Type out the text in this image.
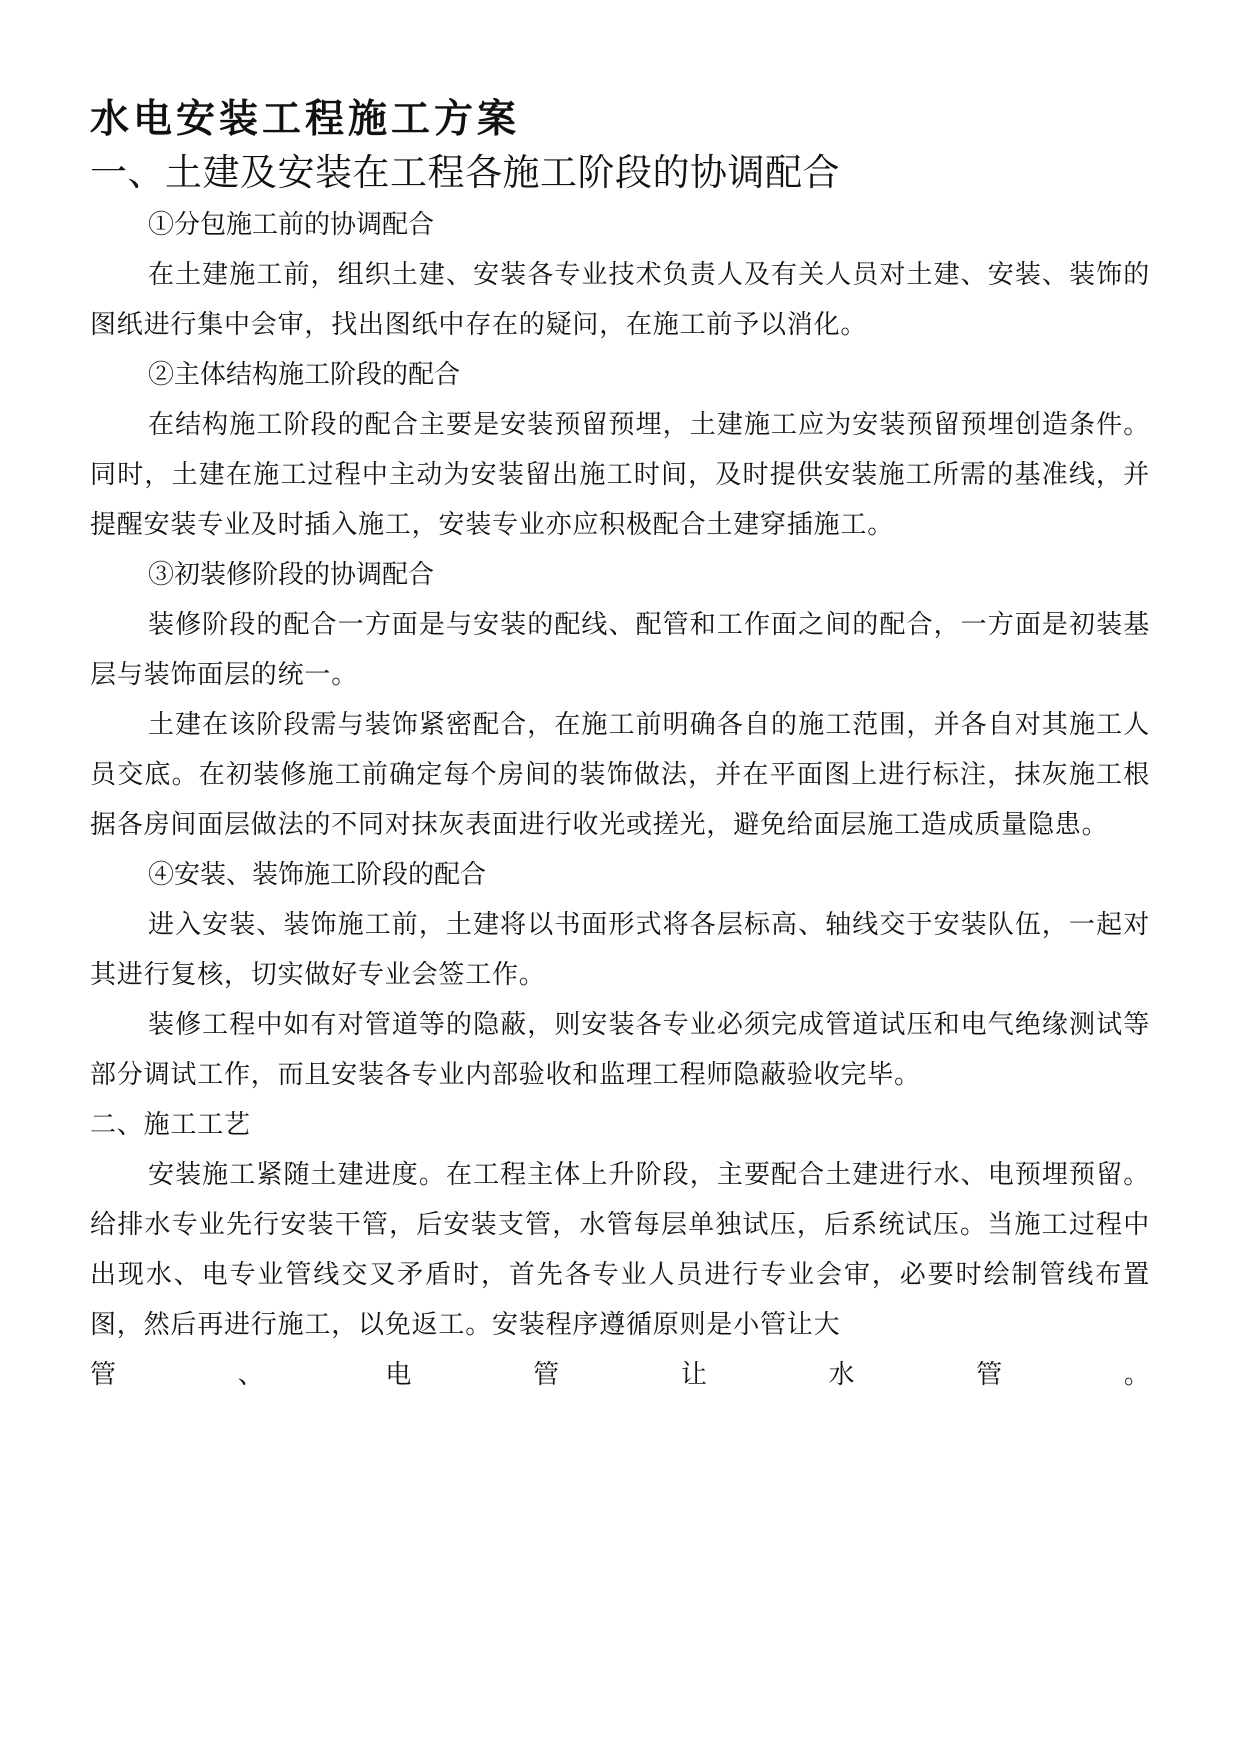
水电安装工程施工方案
一、土建及安装在工程各施工阶段的协调配合

①分包施工前的协调配合

在土建施工前，组织土建、安装各专业技术负责人及有关人员对土建、安装、装饰的图纸进行集中会审，找出图纸中存在的疑问，在施工前予以消化。

②主体结构施工阶段的配合

在结构施工阶段的配合主要是安装预留预埋，土建施工应为安装预留预埋创造条件。同时，土建在施工过程中主动为安装留出施工时间，及时提供安装施工所需的基准线，并提醒安装专业及时插入施工，安装专业亦应积极配合土建穿插施工。

③初装修阶段的协调配合

装修阶段的配合一方面是与安装的配线、配管和工作面之间的配合，一方面是初装基层与装饰面层的统一。

土建在该阶段需与装饰紧密配合，在施工前明确各自的施工范围，并各自对其施工人员交底。在初装修施工前确定每个房间的装饰做法，并在平面图上进行标注，抹灰施工根据各房间面层做法的不同对抹灰表面进行收光或搓光，避免给面层施工造成质量隐患。

④安装、装饰施工阶段的配合

进入安装、装饰施工前，土建将以书面形式将各层标高、轴线交于安装队伍，一起对其进行复核，切实做好专业会签工作。

装修工程中如有对管道等的隐蔽，则安装各专业必须完成管道试压和电气绝缘测试等部分调试工作，而且安装各专业内部验收和监理工程师隐蔽验收完毕。

二、施工工艺

安装施工紧随土建进度。在工程主体上升阶段，主要配合土建进行水、电预埋预留。给排水专业先行安装干管，后安装支管，水管每层单独试压，后系统试压。当施工过程中出现水、电专业管线交叉矛盾时，首先各专业人员进行专业会审，必要时绘制管线布置图，然后再进行施工，以免返工。安装程序遵循原则是小管让大

管	、	电	管	让	水	管	。
